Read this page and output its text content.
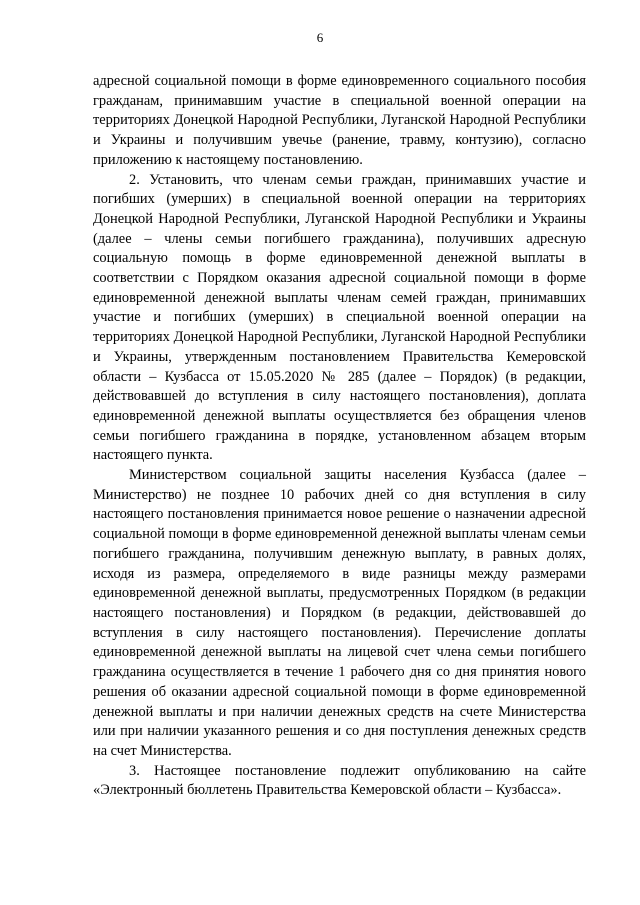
6

адресной социальной помощи в форме единовременного социального пособия гражданам, принимавшим участие в специальной военной операции на территориях Донецкой Народной Республики, Луганской Народной Республики и Украины и получившим увечье (ранение, травму, контузию), согласно приложению к настоящему постановлению.

2. Установить, что членам семьи граждан, принимавших участие и погибших (умерших) в специальной военной операции на территориях Донецкой Народной Республики, Луганской Народной Республики и Украины (далее – члены семьи погибшего гражданина), получивших адресную социальную помощь в форме единовременной денежной выплаты в соответствии с Порядком оказания адресной социальной помощи в форме единовременной денежной выплаты членам семей граждан, принимавших участие и погибших (умерших) в специальной военной операции на территориях Донецкой Народной Республики, Луганской Народной Республики и Украины, утвержденным постановлением Правительства Кемеровской области – Кузбасса от 15.05.2020 № 285 (далее – Порядок) (в редакции, действовавшей до вступления в силу настоящего постановления), доплата единовременной денежной выплаты осуществляется без обращения членов семьи погибшего гражданина в порядке, установленном абзацем вторым настоящего пункта.

Министерством социальной защиты населения Кузбасса (далее – Министерство) не позднее 10 рабочих дней со дня вступления в силу настоящего постановления принимается новое решение о назначении адресной социальной помощи в форме единовременной денежной выплаты членам семьи погибшего гражданина, получившим денежную выплату, в равных долях, исходя из размера, определяемого в виде разницы между размерами единовременной денежной выплаты, предусмотренных Порядком (в редакции настоящего постановления) и Порядком (в редакции, действовавшей до вступления в силу настоящего постановления). Перечисление доплаты единовременной денежной выплаты на лицевой счет члена семьи погибшего гражданина осуществляется в течение 1 рабочего дня со дня принятия нового решения об оказании адресной социальной помощи в форме единовременной денежной выплаты и при наличии денежных средств на счете Министерства или при наличии указанного решения и со дня поступления денежных средств на счет Министерства.

3. Настоящее постановление подлежит опубликованию на сайте «Электронный бюллетень Правительства Кемеровской области – Кузбасса».
